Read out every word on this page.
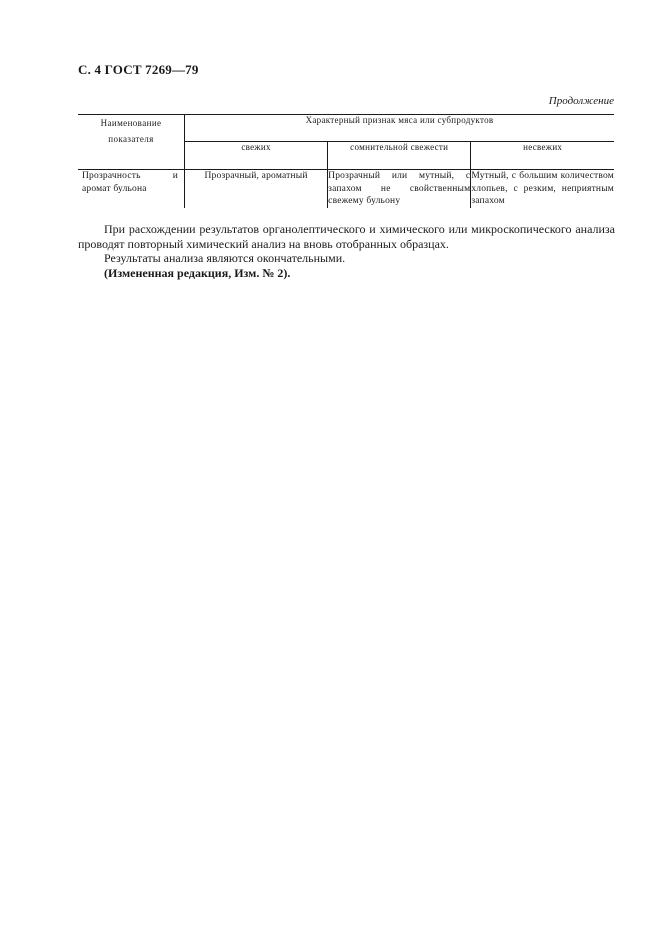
С. 4 ГОСТ 7269—79
Продолжение
Наименование показателя	Характерный признак мяса или субпродуктов		
	свежих	сомнительной свежести	несвежих
Прозрачность и аромат бульона	Прозрачный, ароматный	Прозрачный или мутный, с запахом не свойственным свежему бульону	Мутный, с большим количеством хлопьев, с резким, неприятным запахом

При расхождении результатов органолептического и химического или микроскопического анализа проводят повторный химический анализ на вновь отобранных образцах.

Результаты анализа являются окончательными.

(Измененная редакция, Изм. № 2).
